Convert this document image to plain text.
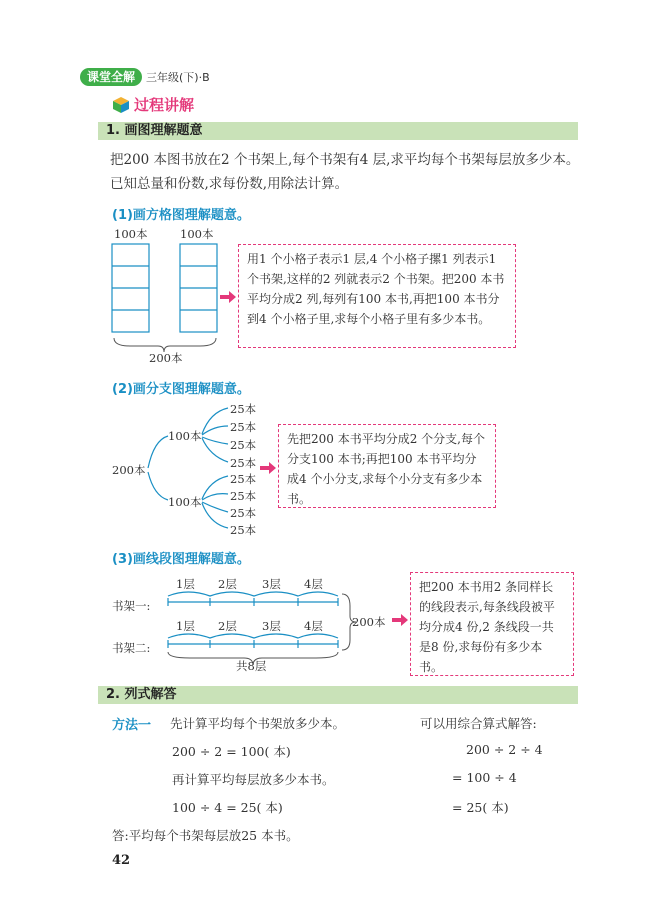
课堂全解	三年级(下)·B
过程讲解
1. 画图理解题意
把200 本图书放在2 个书架上,每个书架有4 层,求平均每个书架每层放多少本。已知总量和份数,求每份数,用除法计算。
(1)画方格图理解题意。
100本	100本
200本
用1 个小格子表示1 层,4 个小格子摞1 列表示1 个书架,这样的2 列就表示2 个书架。把200 本书平均分成2 列,每列有100 本书,再把100 本书分到4 个小格子里,求每个小格子里有多少本书。
(2)画分支图理解题意。
200本
100本
100本
25本
25本
25本
25本
25本
25本
25本
25本
先把200 本书平均分成2 个分支,每个分支100 本书;再把100 本书平均分成4 个小分支,求每个小分支有多少本书。
(3)画线段图理解题意。
1层 2层 3层 4层
书架一:
书架二:
1层 2层 3层 4层	200本
共8层
把200 本书用2 条同样长的线段表示,每条线段被平均分成4 份,2 条线段一共是8 份,求每份有多少本书。
2. 列式解答
方法一 先计算平均每个书架放多少本。	可以用综合算式解答:
200 ÷ 2 = 100( 本)	200 ÷ 2 ÷ 4
再计算平均每层放多少本书。	= 100 ÷ 4
100 ÷ 4 = 25( 本)	= 25( 本)
答:平均每个书架每层放25 本书。
42
